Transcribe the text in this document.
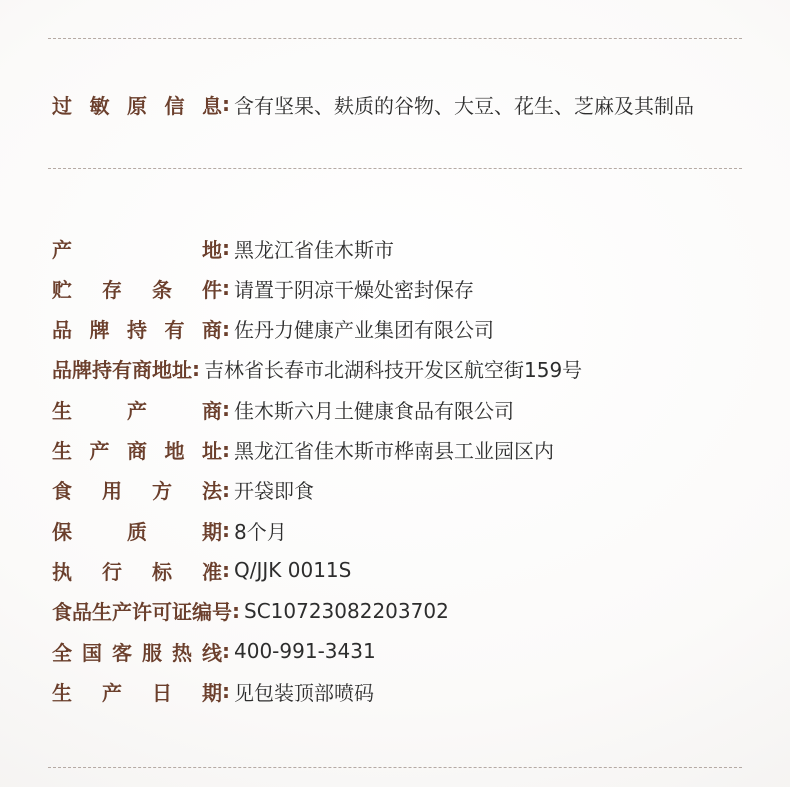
过 敏 原 信 息 : 含有坚果、麸质的谷物、大豆、花生、芝麻及其制品
产	地 : 黑龙江省佳木斯市
贮 存 条 件 : 请置于阴凉干燥处密封保存
品 牌 持 有 商 : 佐丹力健康产业集团有限公司
品牌持有商地址 : 吉林省长春市北湖科技开发区航空街159号
生	产	商 : 佳木斯六月土健康食品有限公司
生 产 商 地 址 : 黑龙江省佳木斯市桦南县工业园区内
食 用 方 法 : 开袋即食
保	质	期 : 8个月
执 行 标 准 : Q/JJK 0011S
食品生产许可证编号 : SC10723082203702
全 国 客 服 热 线 : 400-991-3431
生 产 日 期 : 见包装顶部喷码
